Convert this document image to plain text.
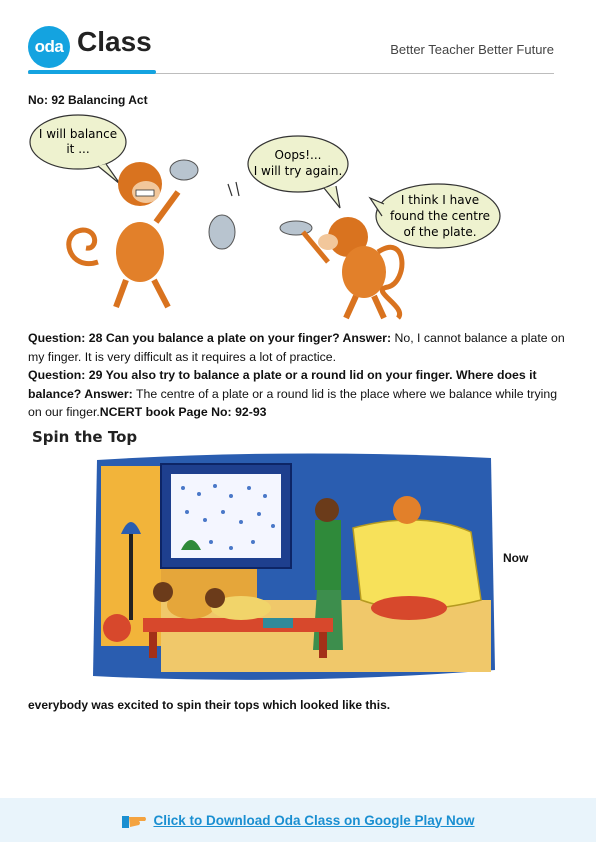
oda Class	Better Teacher Better Future
No: 92 Balancing Act
I will balance
it ...	Oops!...
I will try again.
I think I have
found the centre
of the plate.
Question: 28 Can you balance a plate on your finger? Answer: No, I cannot balance a plate on my finger. It is very difficult as it requires a lot of practice.
Question: 29 You also try to balance a plate or a round lid on your finger. Where does it balance? Answer: The centre of a plate or a round lid is the place where we balance while trying on our finger.NCERT book Page No: 92-93
Spin the Top
Now
everybody was excited to spin their tops which looked like this.
Click to Download Oda Class on Google Play Now
